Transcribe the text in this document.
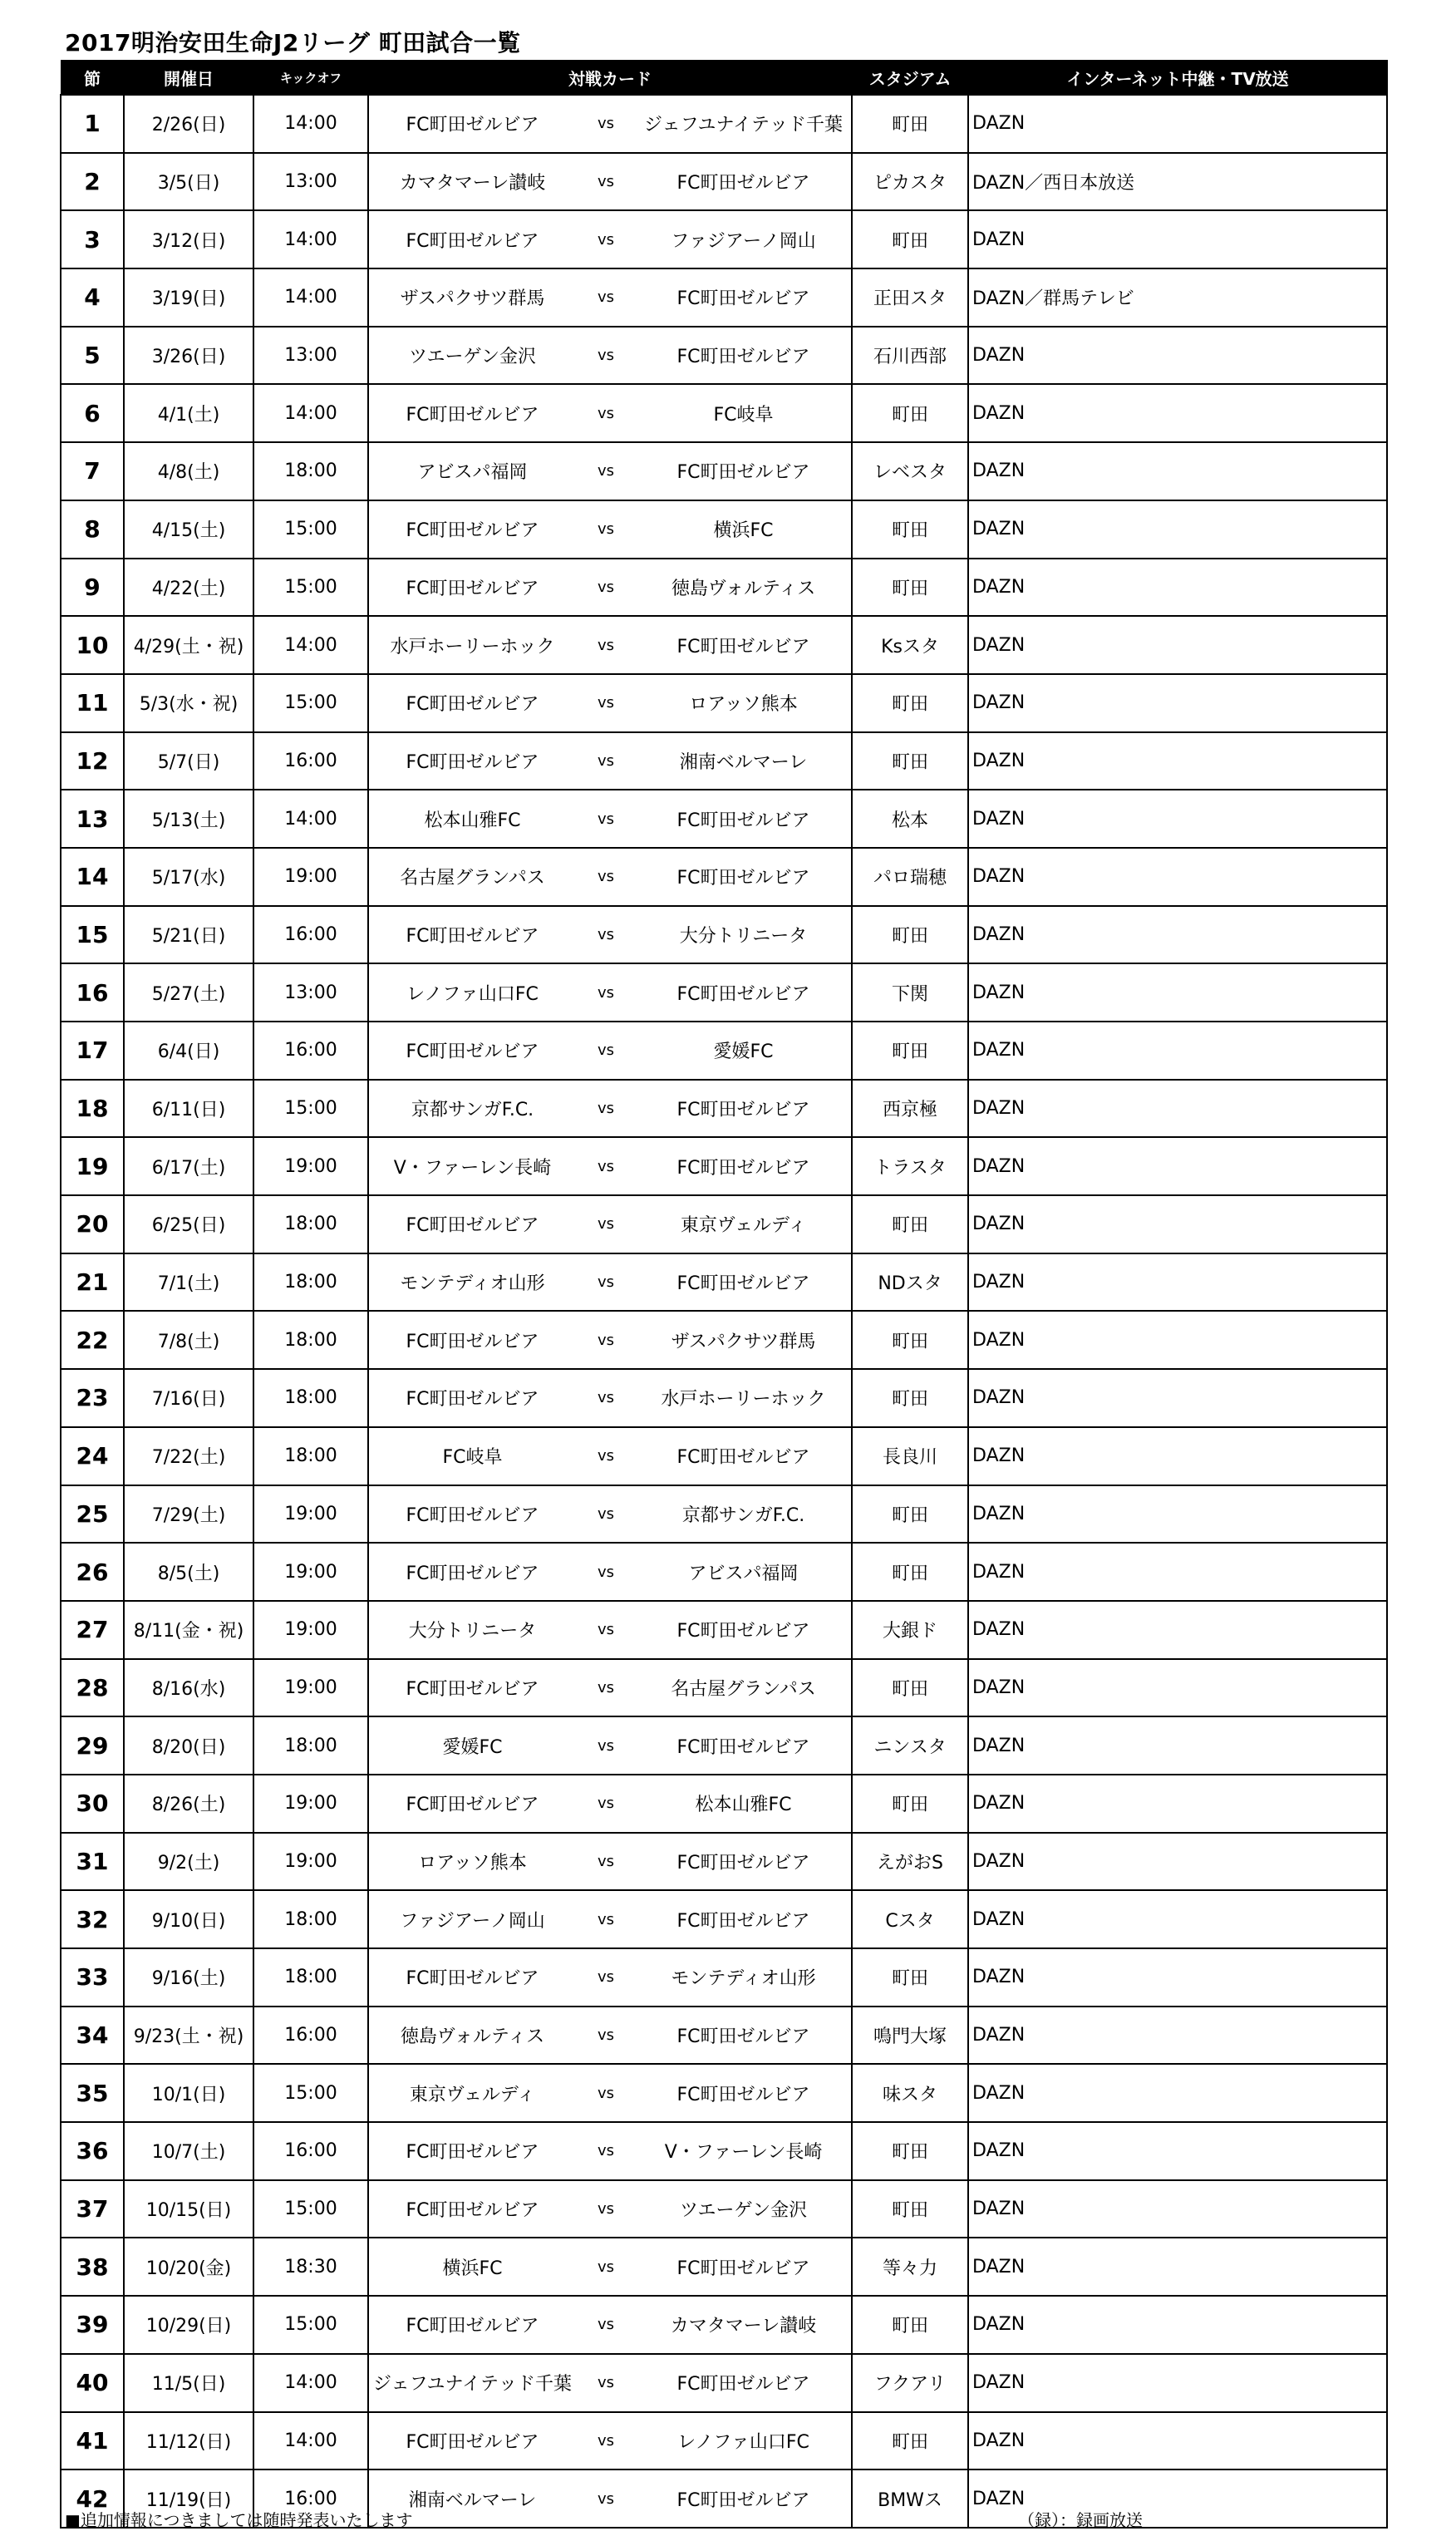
2017明治安田生命J2リーグ 町田試合一覧
節	開催日	キックオフ	対戦カード			スタジアム	インターネット中継・TV放送
1	2/26(日)	14:00	FC町田ゼルビア	vs	ジェフユナイテッド千葉	町田	DAZN
2	3/5(日)	13:00	カマタマーレ讃岐	vs	FC町田ゼルビア	ピカスタ	DAZN／西日本放送
3	3/12(日)	14:00	FC町田ゼルビア	vs	ファジアーノ岡山	町田	DAZN
4	3/19(日)	14:00	ザスパクサツ群馬	vs	FC町田ゼルビア	正田スタ	DAZN／群馬テレビ
5	3/26(日)	13:00	ツエーゲン金沢	vs	FC町田ゼルビア	石川西部	DAZN
6	4/1(土)	14:00	FC町田ゼルビア	vs	FC岐阜	町田	DAZN
7	4/8(土)	18:00	アビスパ福岡	vs	FC町田ゼルビア	レベスタ	DAZN
8	4/15(土)	15:00	FC町田ゼルビア	vs	横浜FC	町田	DAZN
9	4/22(土)	15:00	FC町田ゼルビア	vs	徳島ヴォルティス	町田	DAZN
10	4/29(土・祝)	14:00	水戸ホーリーホック	vs	FC町田ゼルビア	Ksスタ	DAZN
11	5/3(水・祝)	15:00	FC町田ゼルビア	vs	ロアッソ熊本	町田	DAZN
12	5/7(日)	16:00	FC町田ゼルビア	vs	湘南ベルマーレ	町田	DAZN
13	5/13(土)	14:00	松本山雅FC	vs	FC町田ゼルビア	松本	DAZN
14	5/17(水)	19:00	名古屋グランパス	vs	FC町田ゼルビア	パロ瑞穂	DAZN
15	5/21(日)	16:00	FC町田ゼルビア	vs	大分トリニータ	町田	DAZN
16	5/27(土)	13:00	レノファ山口FC	vs	FC町田ゼルビア	下関	DAZN
17	6/4(日)	16:00	FC町田ゼルビア	vs	愛媛FC	町田	DAZN
18	6/11(日)	15:00	京都サンガF.C.	vs	FC町田ゼルビア	西京極	DAZN
19	6/17(土)	19:00	V・ファーレン長崎	vs	FC町田ゼルビア	トラスタ	DAZN
20	6/25(日)	18:00	FC町田ゼルビア	vs	東京ヴェルディ	町田	DAZN
21	7/1(土)	18:00	モンテディオ山形	vs	FC町田ゼルビア	NDスタ	DAZN
22	7/8(土)	18:00	FC町田ゼルビア	vs	ザスパクサツ群馬	町田	DAZN
23	7/16(日)	18:00	FC町田ゼルビア	vs	水戸ホーリーホック	町田	DAZN
24	7/22(土)	18:00	FC岐阜	vs	FC町田ゼルビア	長良川	DAZN
25	7/29(土)	19:00	FC町田ゼルビア	vs	京都サンガF.C.	町田	DAZN
26	8/5(土)	19:00	FC町田ゼルビア	vs	アビスパ福岡	町田	DAZN
27	8/11(金・祝)	19:00	大分トリニータ	vs	FC町田ゼルビア	大銀ド	DAZN
28	8/16(水)	19:00	FC町田ゼルビア	vs	名古屋グランパス	町田	DAZN
29	8/20(日)	18:00	愛媛FC	vs	FC町田ゼルビア	ニンスタ	DAZN
30	8/26(土)	19:00	FC町田ゼルビア	vs	松本山雅FC	町田	DAZN
31	9/2(土)	19:00	ロアッソ熊本	vs	FC町田ゼルビア	えがおS	DAZN
32	9/10(日)	18:00	ファジアーノ岡山	vs	FC町田ゼルビア	Cスタ	DAZN
33	9/16(土)	18:00	FC町田ゼルビア	vs	モンテディオ山形	町田	DAZN
34	9/23(土・祝)	16:00	徳島ヴォルティス	vs	FC町田ゼルビア	鳴門大塚	DAZN
35	10/1(日)	15:00	東京ヴェルディ	vs	FC町田ゼルビア	味スタ	DAZN
36	10/7(土)	16:00	FC町田ゼルビア	vs	V・ファーレン長崎	町田	DAZN
37	10/15(日)	15:00	FC町田ゼルビア	vs	ツエーゲン金沢	町田	DAZN
38	10/20(金)	18:30	横浜FC	vs	FC町田ゼルビア	等々力	DAZN
39	10/29(日)	15:00	FC町田ゼルビア	vs	カマタマーレ讃岐	町田	DAZN
40	11/5(日)	14:00	ジェフユナイテッド千葉	vs	FC町田ゼルビア	フクアリ	DAZN
41	11/12(日)	14:00	FC町田ゼルビア	vs	レノファ山口FC	町田	DAZN
42	11/19(日)	16:00	湘南ベルマーレ	vs	FC町田ゼルビア	BMWス	DAZN
■追加情報につきましては随時発表いたします	（録）：録画放送
